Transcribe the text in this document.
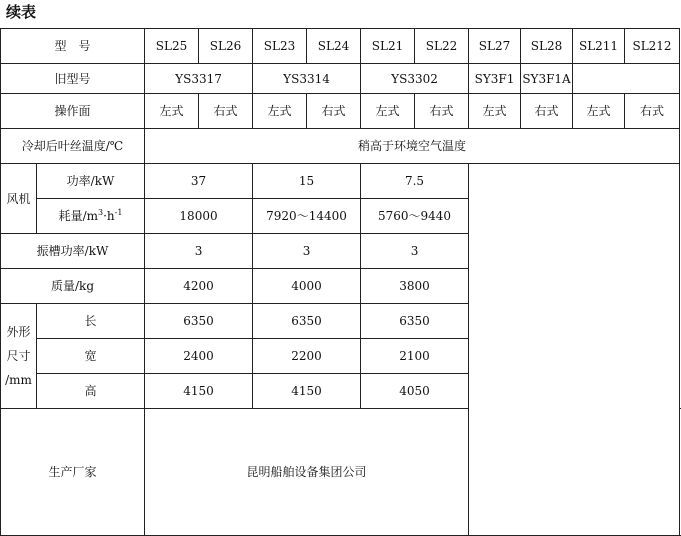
续表
型　号		SL25	SL26	SL23	SL24	SL21	SL22	SL27	SL28	SL211	SL212	
旧型号		YS3317		YS3314		YS3302		SY3F1	SY3F1A			
操作面		左式	右式	左式	右式	左式	右式	左式	右式	左式	右式	
冷却后叶丝温度/℃		稍高于环境空气温度										
风机	功率/kW	37		15		7.5						
	耗量$/m^3\cdot h^{-1}$	18000		7920～14400		5760～9440						
振槽功率/kW		3		3		3						
质量/kg		4200		4000		3800						

外形
尺寸
/mm	长	6350		6350		6350						
	宽	2400		2200		2100						
	高	4150		4150		4050						
生产厂家		昆明船舶设备集团公司		
